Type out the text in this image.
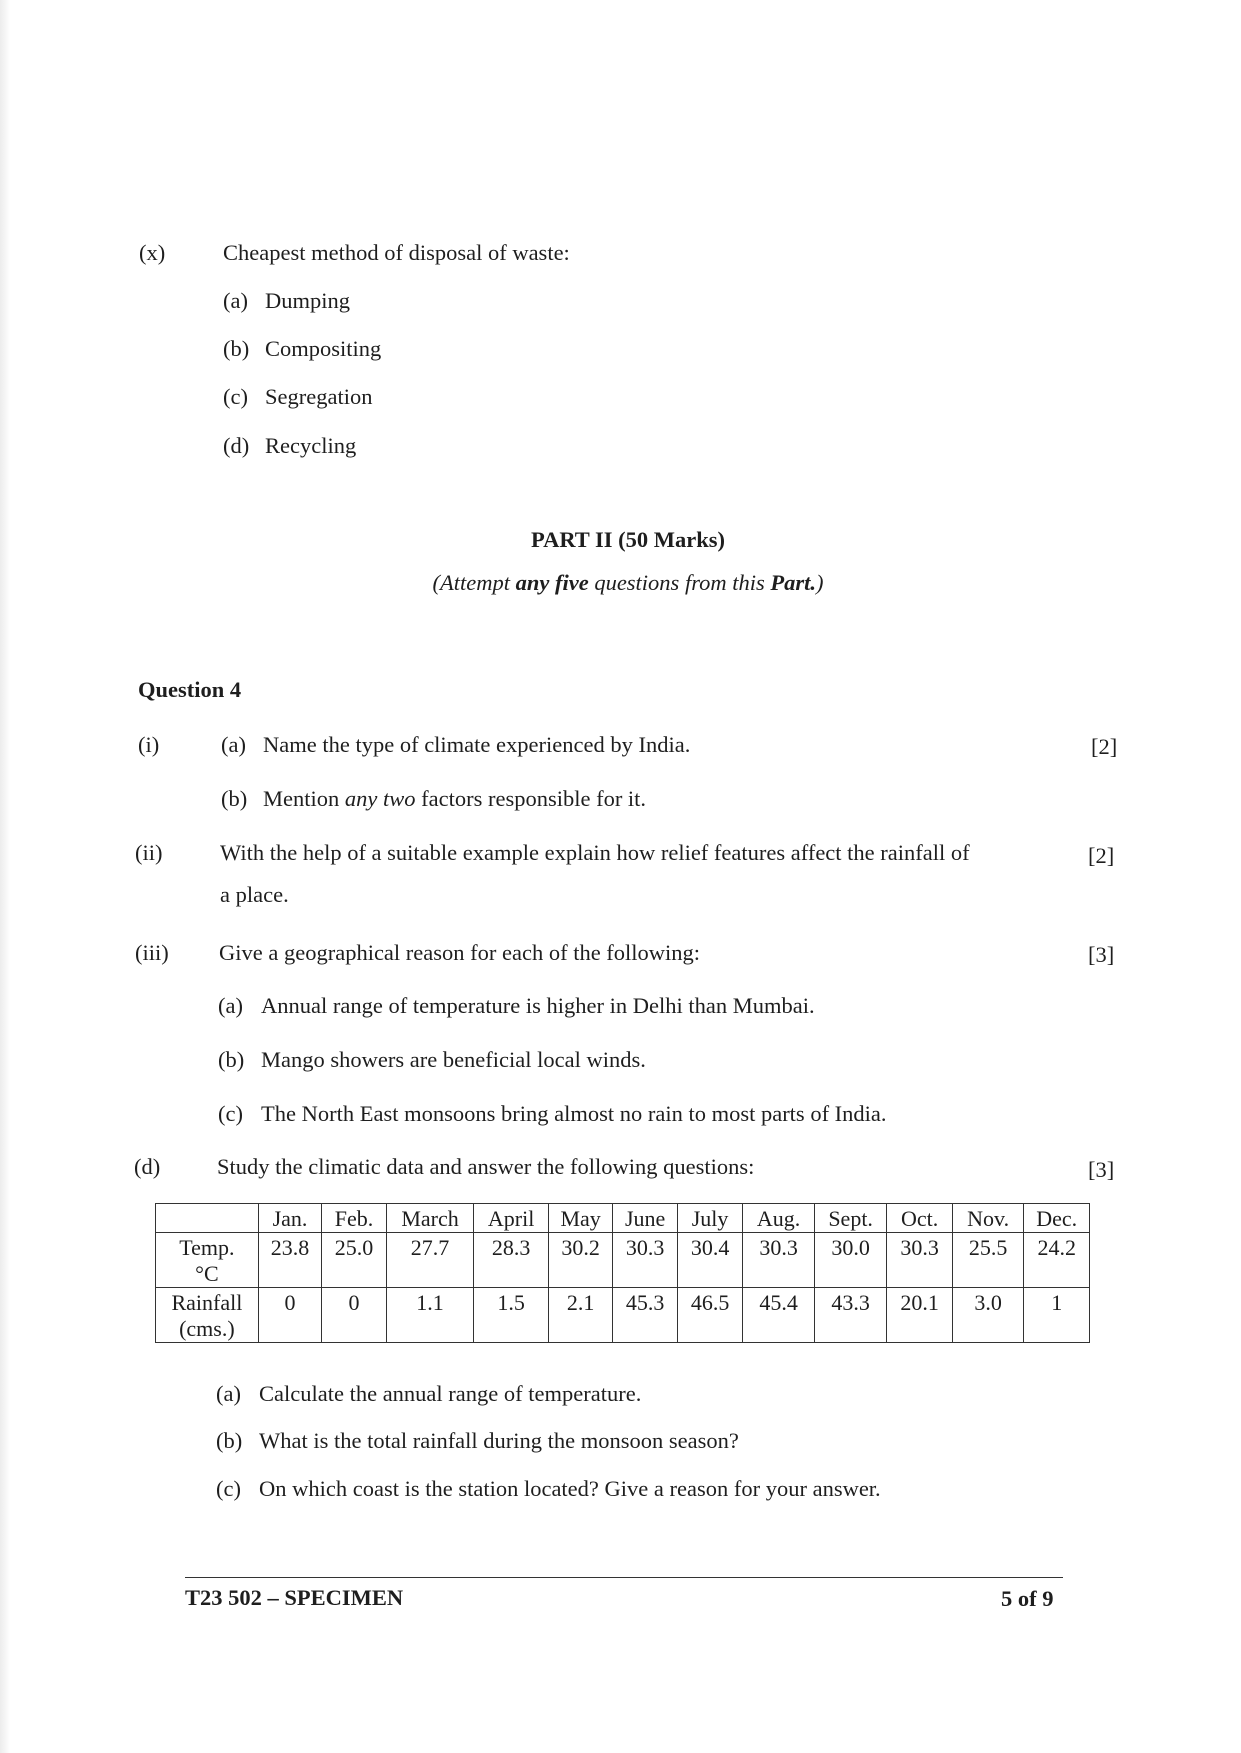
(x)	Cheapest method of disposal of waste:
(a) Dumping
(b) Compositing
(c) Segregation
(d) Recycling
PART II (50 Marks)
(Attempt any five questions from this Part.)
Question 4
(i)	(a) Name the type of climate experienced by India.	[2]
(b) Mention any two factors responsible for it.
(ii)	With the help of a suitable example explain how relief features affect the rainfall of
a place.
[2]
(iii) Give a geographical reason for each of the following:	[3]
(a) Annual range of temperature is higher in Delhi than Mumbai.
(b) Mango showers are beneficial local winds.
(c) The North East monsoons bring almost no rain to most parts of India.
(d)	Study the climatic data and answer the following questions:	[3]
	Jan.	Feb.	March	April	May	June	July	Aug.	Sept.	Oct.	Nov.	Dec.
Temp.
°C	23.8	25.0	27.7	28.3	30.2	30.3	30.4	30.3	30.0	30.3	25.5	24.2
Rainfall
(cms.)	0	0	1.1	1.5	2.1	45.3	46.5	45.4	43.3	20.1	3.0	1
(a) Calculate the annual range of temperature.
(b) What is the total rainfall during the monsoon season?
(c) On which coast is the station located? Give a reason for your answer.
T23 502 – SPECIMEN	5 of 9
